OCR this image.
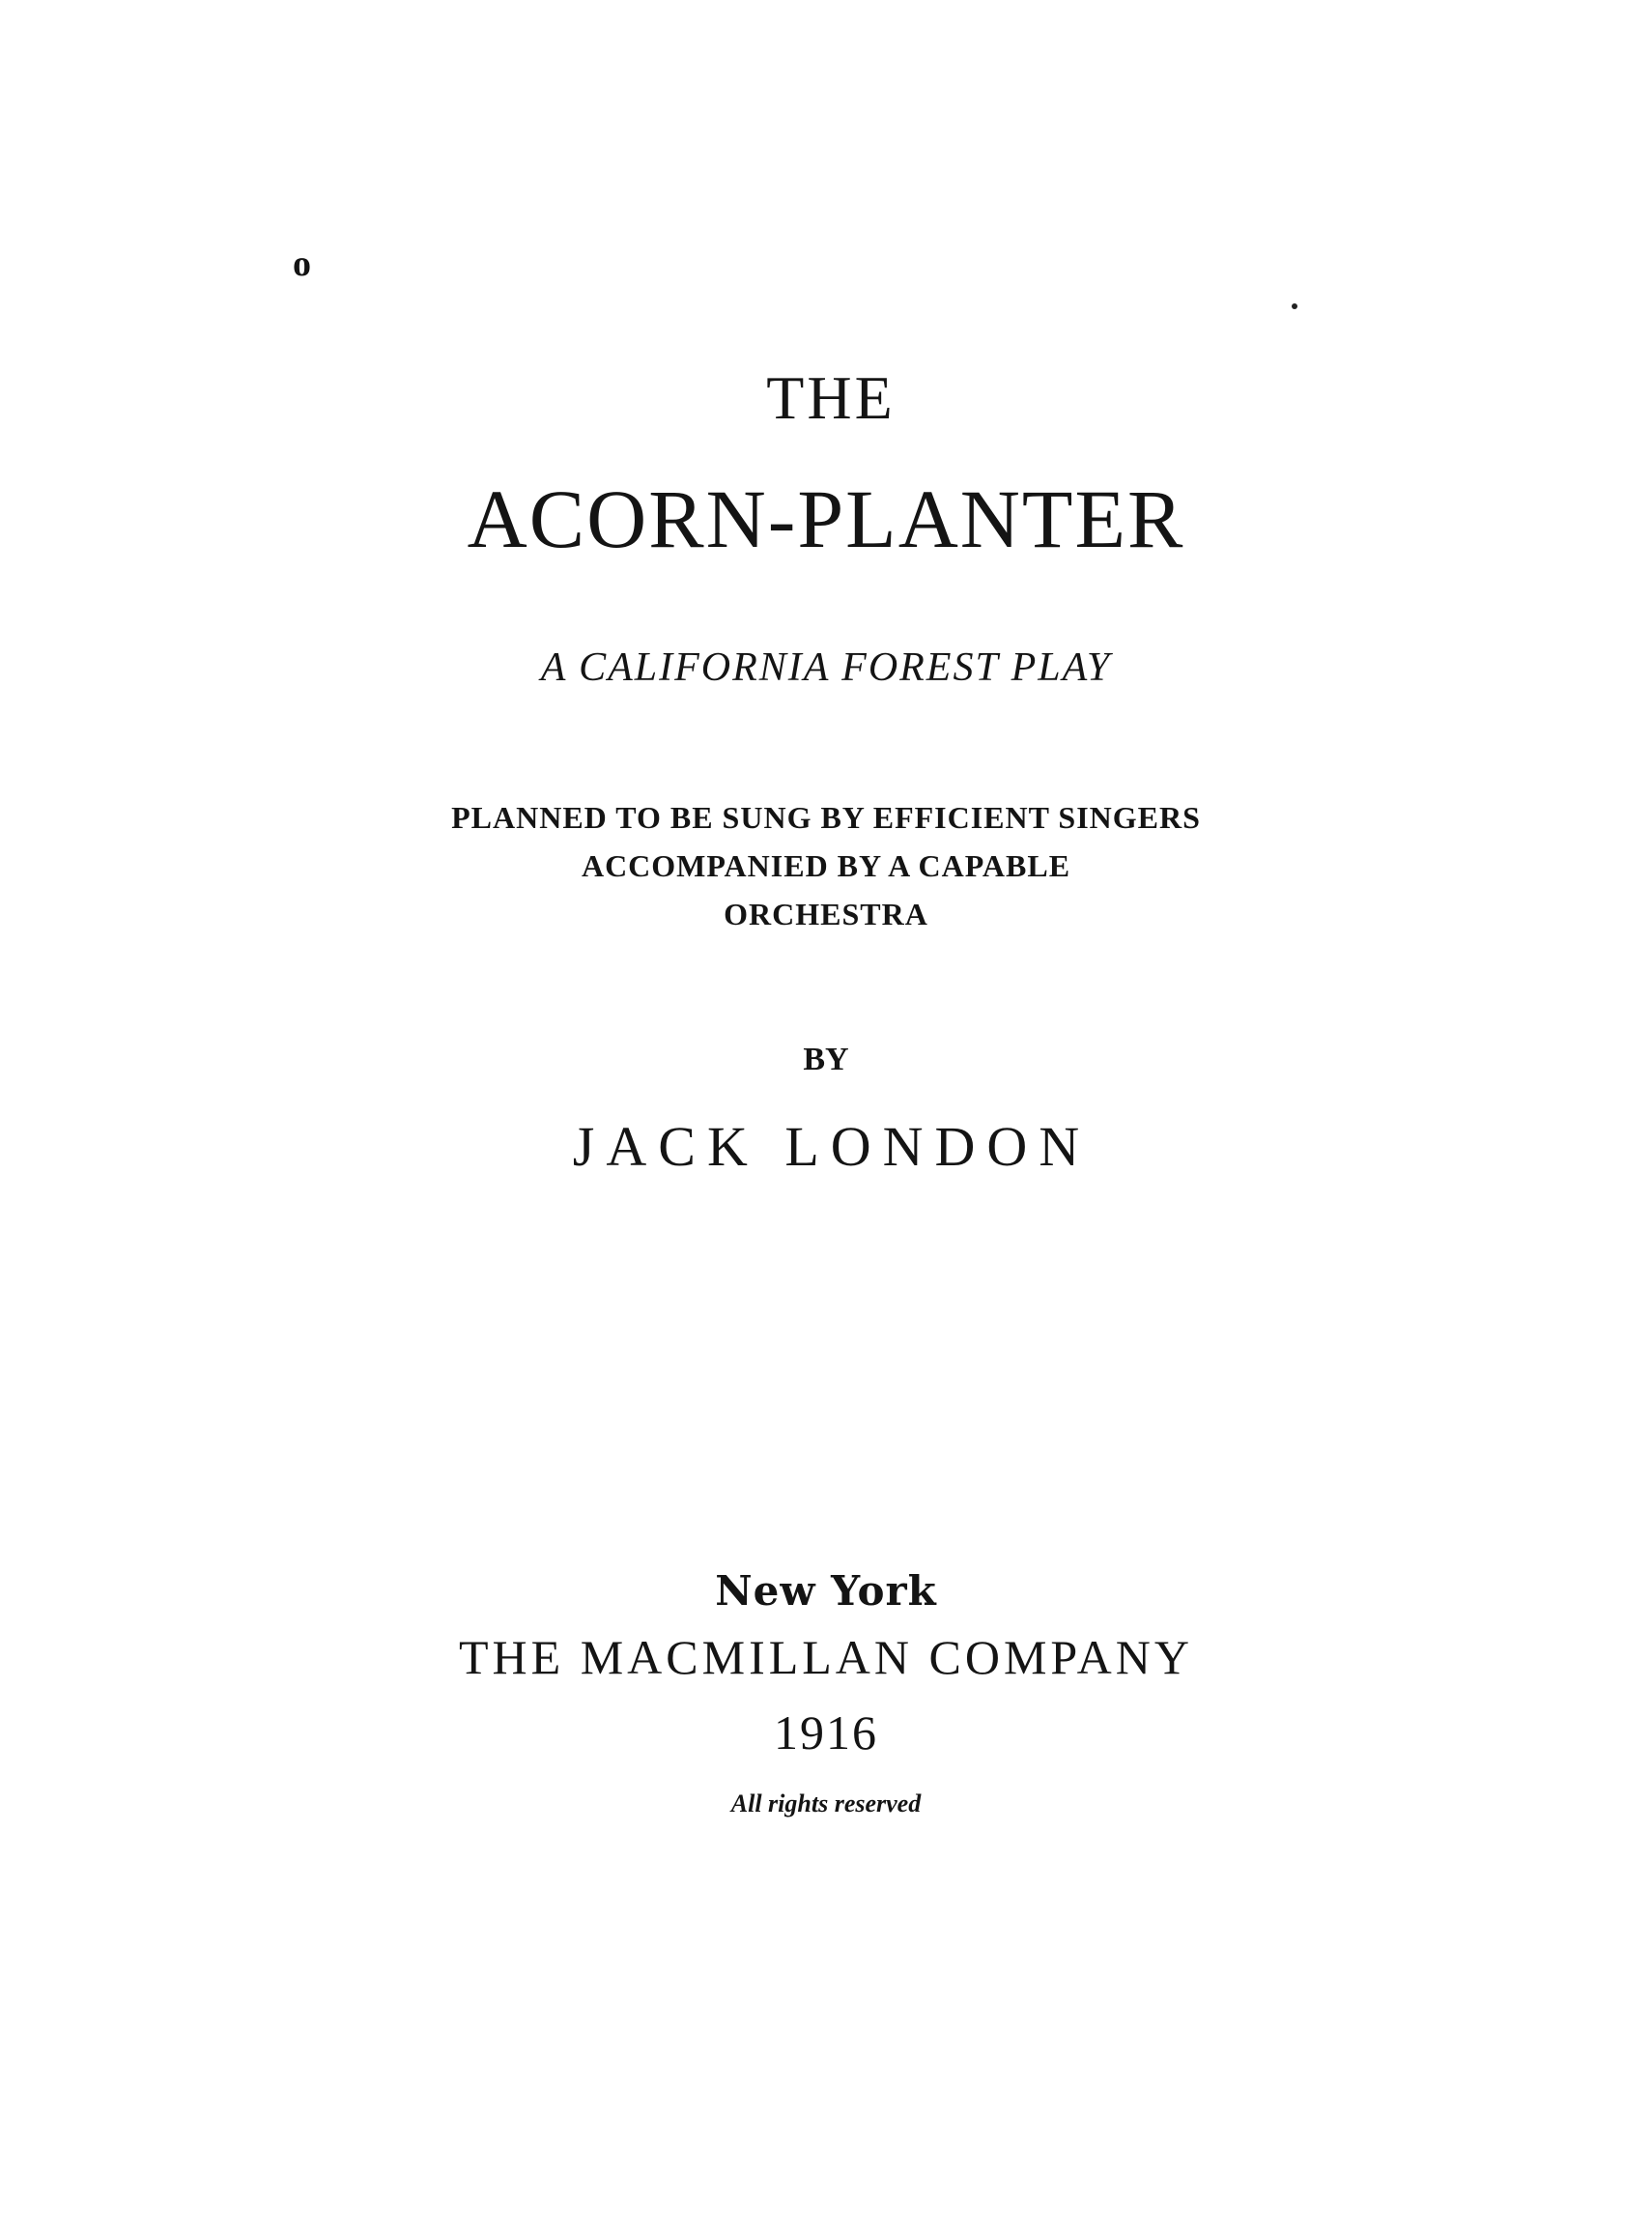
o
THE
ACORN-PLANTER
A CALIFORNIA FOREST PLAY
PLANNED TO BE SUNG BY EFFICIENT SINGERS
ACCOMPANIED BY A CAPABLE
ORCHESTRA
BY
JACK LONDON
New York
THE MACMILLAN COMPANY
1916
All rights reserved
